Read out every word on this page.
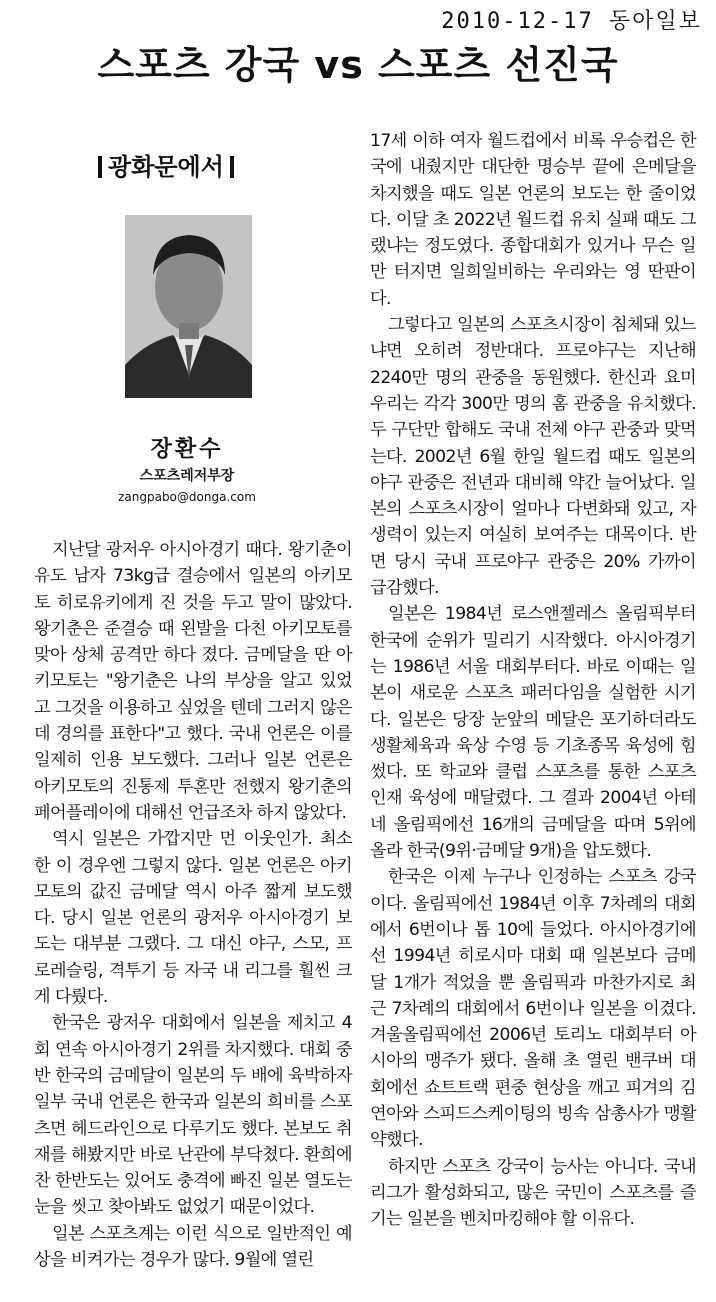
2010-12-17 동아일보
스포츠 강국 vs 스포츠 선진국
광화문에서
장환수
스포츠레저부장
zangpabo@donga.com

지난달 광저우 아시아경기 때다. 왕기춘이 유도 남자 73kg급 결승에서 일본의 아키모토 히로유키에게 진 것을 두고 말이 많았다. 왕기춘은 준결승 때 왼발을 다친 아키모토를 맞아 상체 공격만 하다 졌다. 금메달을 딴 아키모토는 "왕기춘은 나의 부상을 알고 있었고 그것을 이용하고 싶었을 텐데 그러지 않은 데 경의를 표한다"고 했다. 국내 언론은 이를 일제히 인용 보도했다. 그러나 일본 언론은 아키모토의 진통제 투혼만 전했지 왕기춘의 페어플레이에 대해선 언급조차 하지 않았다.

역시 일본은 가깝지만 먼 이웃인가. 최소한 이 경우엔 그렇지 않다. 일본 언론은 아키모토의 값진 금메달 역시 아주 짧게 보도했다. 당시 일본 언론의 광저우 아시아경기 보도는 대부분 그랬다. 그 대신 야구, 스모, 프로레슬링, 격투기 등 자국 내 리그를 훨씬 크게 다뤘다.

한국은 광저우 대회에서 일본을 제치고 4회 연속 아시아경기 2위를 차지했다. 대회 중반 한국의 금메달이 일본의 두 배에 육박하자 일부 국내 언론은 한국과 일본의 희비를 스포츠면 헤드라인으로 다루기도 했다. 본보도 취재를 해봤지만 바로 난관에 부닥쳤다. 환희에 찬 한반도는 있어도 충격에 빠진 일본 열도는 눈을 씻고 찾아봐도 없었기 때문이었다.

일본 스포츠계는 이런 식으로 일반적인 예상을 비켜가는 경우가 많다. 9월에 열린

17세 이하 여자 월드컵에서 비록 우승컵은 한국에 내줬지만 대단한 명승부 끝에 은메달을 차지했을 때도 일본 언론의 보도는 한 줄이었다. 이달 초 2022년 월드컵 유치 실패 때도 그랬냐는 정도였다. 종합대회가 있거나 무슨 일만 터지면 일희일비하는 우리와는 영 딴판이다.

그렇다고 일본의 스포츠시장이 침체돼 있느냐면 오히려 정반대다. 프로야구는 지난해 2240만 명의 관중을 동원했다. 한신과 요미우리는 각각 300만 명의 홈 관중을 유치했다. 두 구단만 합해도 국내 전체 야구 관중과 맞먹는다. 2002년 6월 한일 월드컵 때도 일본의 야구 관중은 전년과 대비해 약간 늘어났다. 일본의 스포츠시장이 얼마나 다변화돼 있고, 자생력이 있는지 여실히 보여주는 대목이다. 반면 당시 국내 프로야구 관중은 20% 가까이 급감했다.

일본은 1984년 로스앤젤레스 올림픽부터 한국에 순위가 밀리기 시작했다. 아시아경기는 1986년 서울 대회부터다. 바로 이때는 일본이 새로운 스포츠 패러다임을 실험한 시기다. 일본은 당장 눈앞의 메달은 포기하더라도 생활체육과 육상 수영 등 기초종목 육성에 힘썼다. 또 학교와 클럽 스포츠를 통한 스포츠 인재 육성에 매달렸다. 그 결과 2004년 아테네 올림픽에선 16개의 금메달을 따며 5위에 올라 한국(9위·금메달 9개)을 압도했다.

한국은 이제 누구나 인정하는 스포츠 강국이다. 올림픽에선 1984년 이후 7차례의 대회에서 6번이나 톱 10에 들었다. 아시아경기에선 1994년 히로시마 대회 때 일본보다 금메달 1개가 적었을 뿐 올림픽과 마찬가지로 최근 7차례의 대회에서 6번이나 일본을 이겼다. 겨울올림픽에선 2006년 토리노 대회부터 아시아의 맹주가 됐다. 올해 초 열린 밴쿠버 대회에선 쇼트트랙 편중 현상을 깨고 피겨의 김연아와 스피드스케이팅의 빙속 삼총사가 맹활약했다.

하지만 스포츠 강국이 능사는 아니다. 국내 리그가 활성화되고, 많은 국민이 스포츠를 즐기는 일본을 벤치마킹해야 할 이유다.
